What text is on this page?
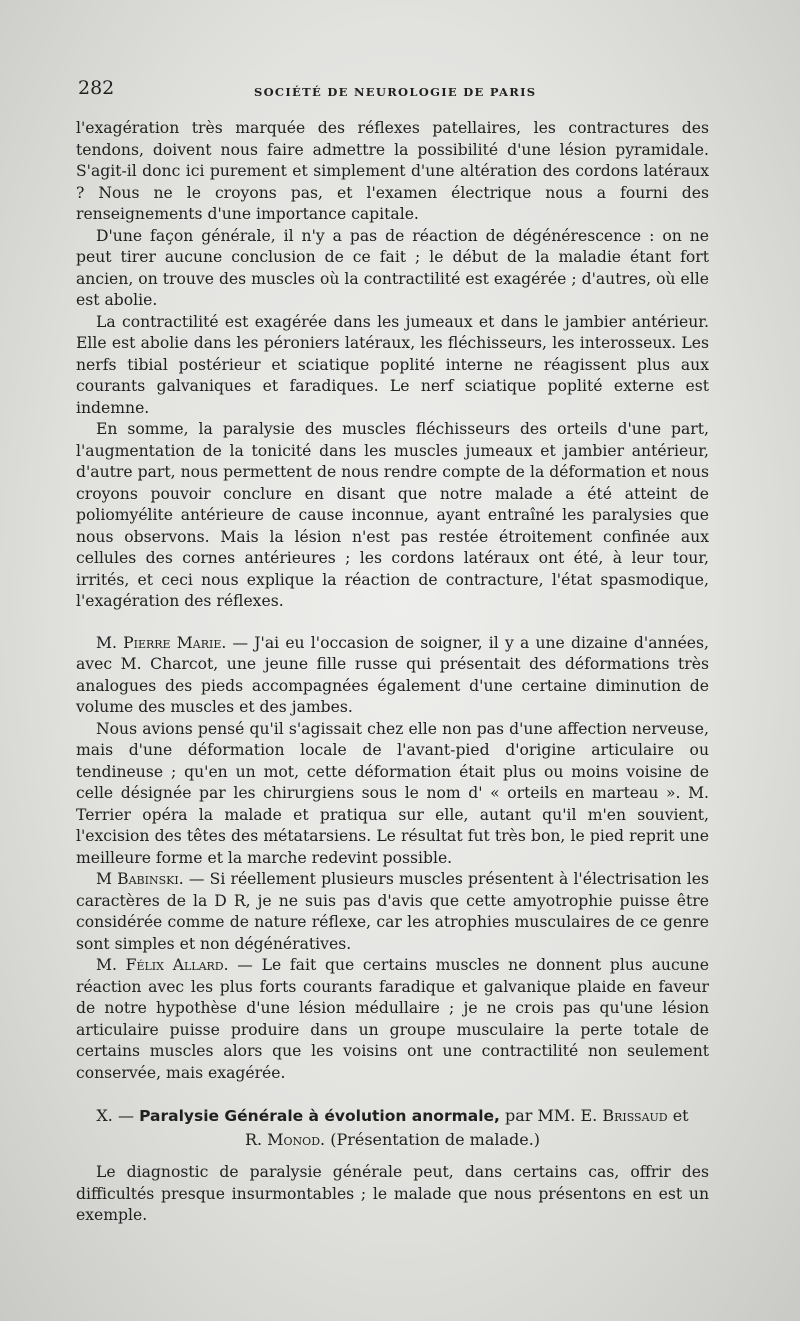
282	SOCIÉTÉ DE NEUROLOGIE DE PARIS

l'exagération très marquée des réflexes patellaires, les contractures des tendons, doivent nous faire admettre la possibilité d'une lésion pyramidale. S'agit-il donc ici purement et simplement d'une altération des cordons latéraux ? Nous ne le croyons pas, et l'examen électrique nous a fourni des renseignements d'une importance capitale.

D'une façon générale, il n'y a pas de réaction de dégénérescence : on ne peut tirer aucune conclusion de ce fait ; le début de la maladie étant fort ancien, on trouve des muscles où la contractilité est exagérée ; d'autres, où elle est abolie.

La contractilité est exagérée dans les jumeaux et dans le jambier antérieur. Elle est abolie dans les péroniers latéraux, les fléchisseurs, les interosseux. Les nerfs tibial postérieur et sciatique poplité interne ne réagissent plus aux courants galvaniques et faradiques. Le nerf sciatique poplité externe est indemne.

En somme, la paralysie des muscles fléchisseurs des orteils d'une part, l'augmentation de la tonicité dans les muscles jumeaux et jambier antérieur, d'autre part, nous permettent de nous rendre compte de la déformation et nous croyons pouvoir conclure en disant que notre malade a été atteint de poliomyélite antérieure de cause inconnue, ayant entraîné les paralysies que nous observons. Mais la lésion n'est pas restée étroitement confinée aux cellules des cornes antérieures ; les cordons latéraux ont été, à leur tour, irrités, et ceci nous explique la réaction de contracture, l'état spasmodique, l'exagération des réflexes.

M. Pierre Marie. — J'ai eu l'occasion de soigner, il y a une dizaine d'années, avec M. Charcot, une jeune fille russe qui présentait des déformations très analogues des pieds accompagnées également d'une certaine diminution de volume des muscles et des jambes.

Nous avions pensé qu'il s'agissait chez elle non pas d'une affection nerveuse, mais d'une déformation locale de l'avant-pied d'origine articulaire ou tendineuse ; qu'en un mot, cette déformation était plus ou moins voisine de celle désignée par les chirurgiens sous le nom d' « orteils en marteau ». M. Terrier opéra la malade et pratiqua sur elle, autant qu'il m'en souvient, l'excision des têtes des métatarsiens. Le résultat fut très bon, le pied reprit une meilleure forme et la marche redevint possible.

M Babinski. — Si réellement plusieurs muscles présentent à l'électrisation les caractères de la D R, je ne suis pas d'avis que cette amyotrophie puisse être considérée comme de nature réflexe, car les atrophies musculaires de ce genre sont simples et non dégénératives.

M. Félix Allard. — Le fait que certains muscles ne donnent plus aucune réaction avec les plus forts courants faradique et galvanique plaide en faveur de notre hypothèse d'une lésion médullaire ; je ne crois pas qu'une lésion articulaire puisse produire dans un groupe musculaire la perte totale de certains muscles alors que les voisins ont une contractilité non seulement conservée, mais exagérée.

X. — Paralysie Générale à évolution anormale, par MM. E. Brissaud et
R. Monod. (Présentation de malade.)

Le diagnostic de paralysie générale peut, dans certains cas, offrir des difficultés presque insurmontables ; le malade que nous présentons en est un exemple.
